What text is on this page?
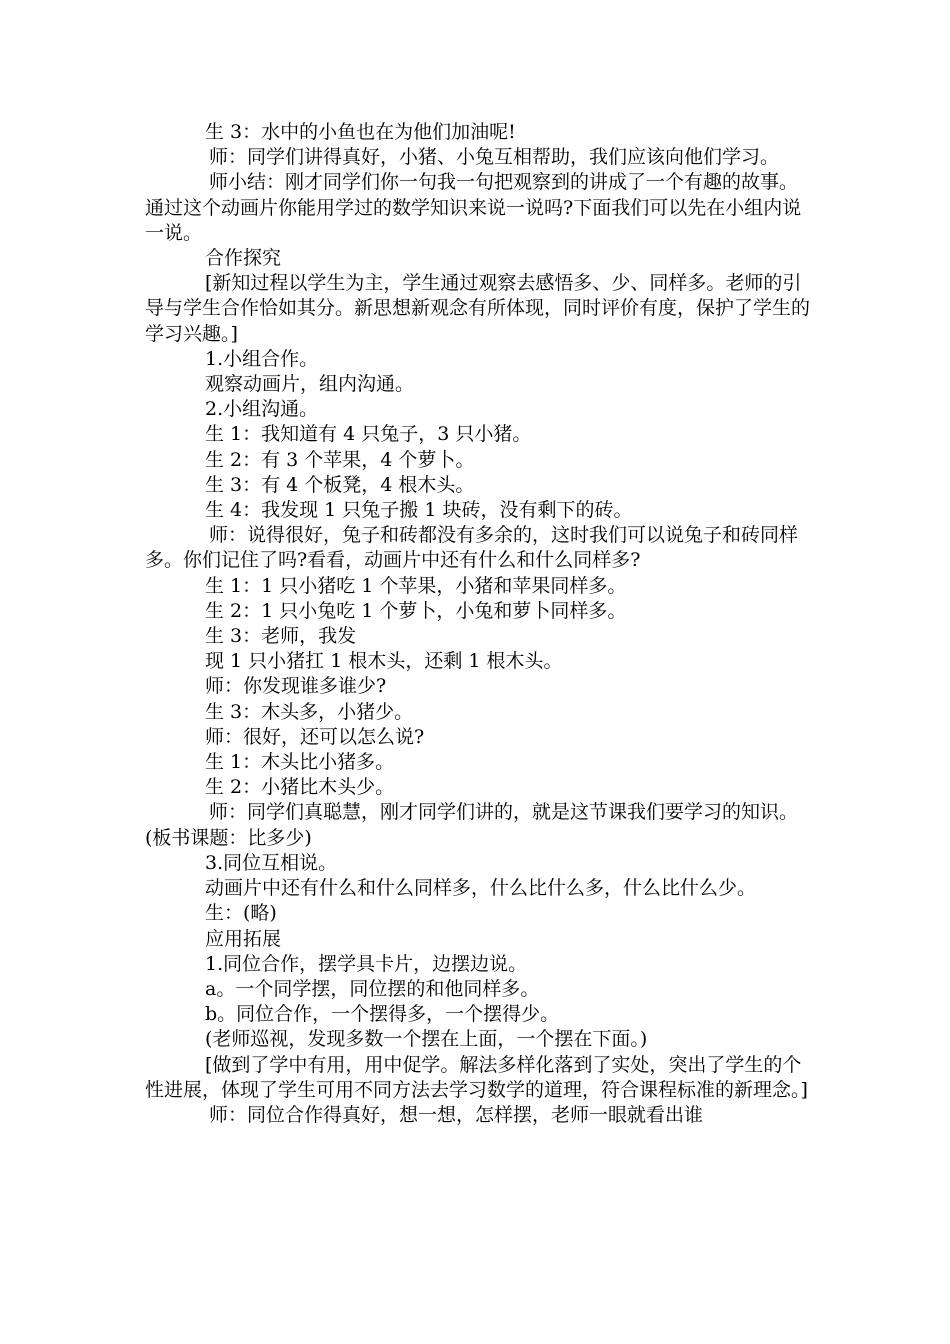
生 3：水中的小鱼也在为他们加油呢!

师：同学们讲得真好，小猪、小兔互相帮助，我们应该向他们学习。

师小结：刚才同学们你一句我一句把观察到的讲成了一个有趣的故事。通过这个动画片你能用学过的数学知识来说一说吗?下面我们可以先在小组内说一说。

合作探究

[新知过程以学生为主，学生通过观察去感悟多、少、同样多。老师的引导与学生合作恰如其分。新思想新观念有所体现，同时评价有度，保护了学生的学习兴趣。]

1.小组合作。

观察动画片，组内沟通。

2.小组沟通。

生 1：我知道有 4 只兔子，3 只小猪。

生 2：有 3 个苹果，4 个萝卜。

生 3：有 4 个板凳，4 根木头。

生 4：我发现 1 只兔子搬 1 块砖，没有剩下的砖。

师：说得很好，兔子和砖都没有多余的，这时我们可以说兔子和砖同样多。你们记住了吗?看看，动画片中还有什么和什么同样多?

生 1：1 只小猪吃 1 个苹果，小猪和苹果同样多。

生 2：1 只小兔吃 1 个萝卜，小兔和萝卜同样多。

生 3：老师，我发

现 1 只小猪扛 1 根木头，还剩 1 根木头。

师：你发现谁多谁少?

生 3：木头多，小猪少。

师：很好，还可以怎么说?

生 1：木头比小猪多。

生 2：小猪比木头少。

师：同学们真聪慧，刚才同学们讲的，就是这节课我们要学习的知识。(板书课题：比多少)

3.同位互相说。

动画片中还有什么和什么同样多，什么比什么多，什么比什么少。

生：(略)

应用拓展

1.同位合作，摆学具卡片，边摆边说。

a。一个同学摆，同位摆的和他同样多。

b。同位合作，一个摆得多，一个摆得少。

(老师巡视，发现多数一个摆在上面，一个摆在下面。)

[做到了学中有用，用中促学。解法多样化落到了实处，突出了学生的个性进展，体现了学生可用不同方法去学习数学的道理，符合课程标准的新理念。]

师：同位合作得真好，想一想，怎样摆，老师一眼就看出谁
